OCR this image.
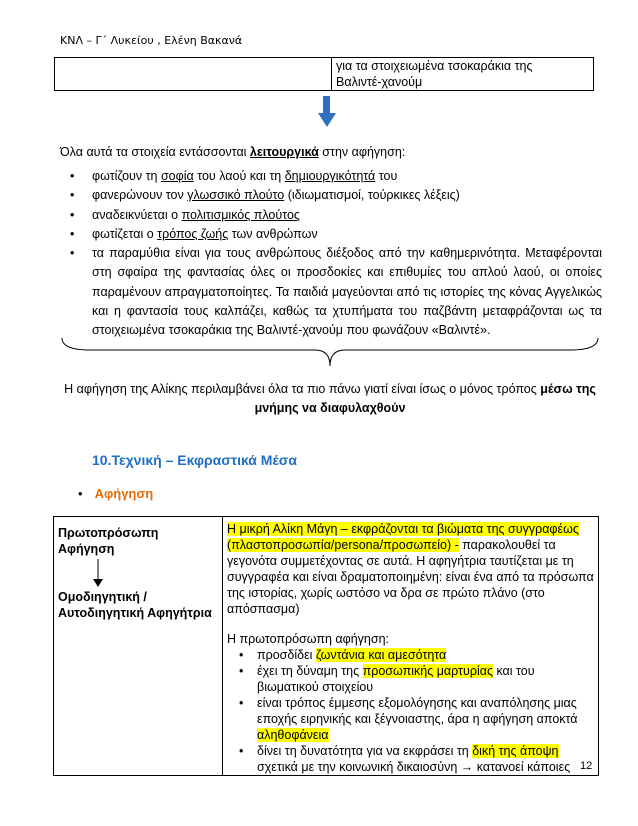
ΚΝΛ – Γ΄ Λυκείου , Ελένη Βακανά

για τα στοιχειωμένα τσοκαράκια της
Βαλιντέ-χανούμ

Όλα αυτά τα στοιχεία εντάσσονται λειτουργικά στην αφήγηση:

• φωτίζουν τη σοφία του λαού και τη δημιουργικότητά του
• φανερώνουν τον γλωσσικό πλούτο (ιδιωματισμοί, τούρκικες λέξεις)
• αναδεικνύεται ο πολιτισμικός πλούτος
• φωτίζεται ο τρόπος ζωής των ανθρώπων
• τα παραμύθια είναι για τους ανθρώπους διέξοδος από την καθημερινότητα. Μεταφέρονται στη σφαίρα της φαντασίας όλες οι προσδοκίες και επιθυμίες του απλού λαού, οι οποίες παραμένουν απραγματοποίητες. Τα παιδιά μαγεύονται από τις ιστορίες της κόνας Αγγελικώς και η φαντασία τους καλπάζει, καθώς τα χτυπήματα του παζβάντη μεταφράζονται ως τα στοιχειωμένα τσοκαράκια της Βαλιντέ-χανούμ που φωνάζουν «Βαλιντέ».

Η αφήγηση της Αλίκης περιλαμβάνει όλα τα πιο πάνω γιατί είναι ίσως ο μόνος τρόπος μέσω της μνήμης να διαφυλαχθούν

10.Τεχνική – Εκφραστικά Μέσα
• Αφήγηση
Πρωτοπρόσωπη
Αφήγηση
Ομοδιηγητική /
Αυτοδιηγητική Αφηγήτρια

Η μικρή Αλίκη Μάγη – εκφράζονται τα βιώματα της συγγραφέως (πλαστοπροσωπία/persona/προσωπείο) - παρακολουθεί τα γεγονότα συμμετέχοντας σε αυτά. Η αφηγήτρια ταυτίζεται με τη συγγραφέα και είναι δραματοποιημένη: είναι ένα από τα πρόσωπα της ιστορίας, χωρίς ωστόσο να δρα σε πρώτο πλάνο (στο απόσπασμα)

Η πρωτοπρόσωπη αφήγηση:

• προσδίδει ζωντάνια και αμεσότητα
• έχει τη δύναμη της προσωπικής μαρτυρίας και του βιωματικού στοιχείου
• είναι τρόπος έμμεσης εξομολόγησης και αναπόλησης μιας εποχής ειρηνικής και ξέγνοιαστης, άρα η αφήγηση αποκτά αληθοφάνεια
• δίνει τη δυνατότητα για να εκφράσει τη δική της άποψη σχετικά με την κοινωνική δικαιοσύνη → κατανοεί κάποιες 12
